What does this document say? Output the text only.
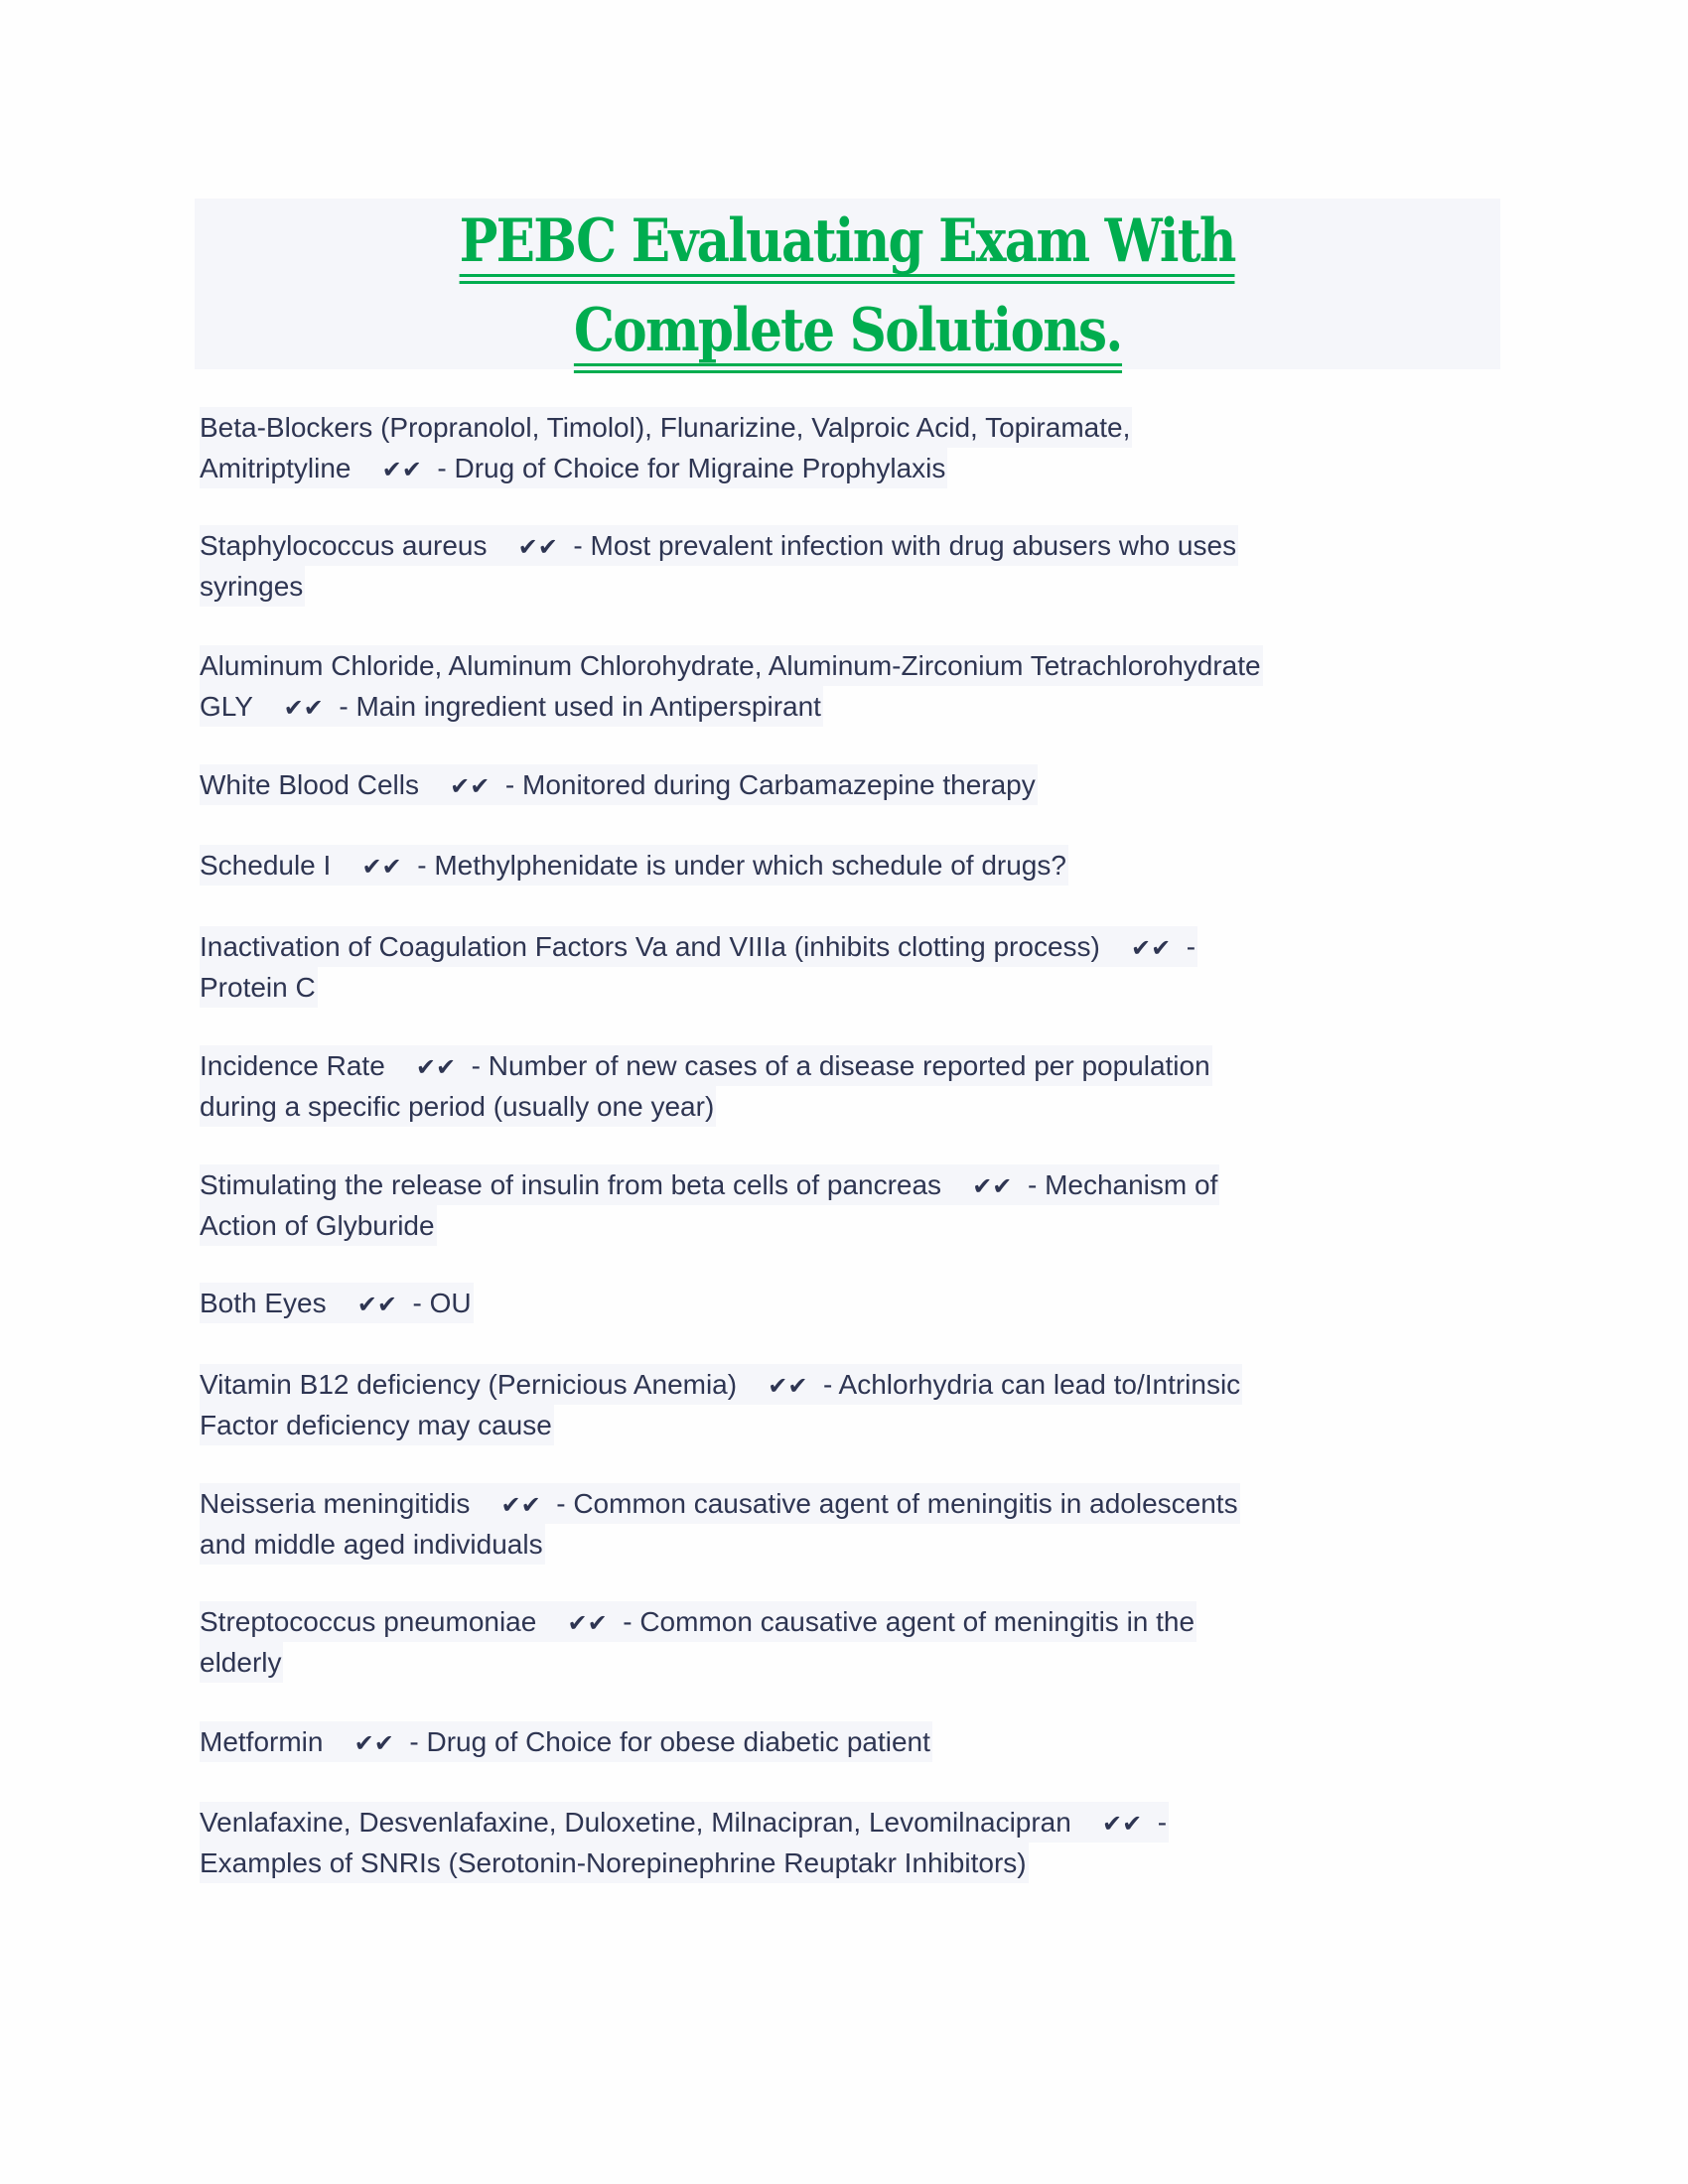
PEBC Evaluating Exam With
Complete Solutions.
Beta-Blockers (Propranolol, Timolol), Flunarizine, Valproic Acid, Topiramate,
Amitriptyline    ✔✔  - Drug of Choice for Migraine Prophylaxis
Staphylococcus aureus    ✔✔  - Most prevalent infection with drug abusers who uses
syringes
Aluminum Chloride, Aluminum Chlorohydrate, Aluminum-Zirconium Tetrachlorohydrate
GLY    ✔✔  - Main ingredient used in Antiperspirant
White Blood Cells    ✔✔  - Monitored during Carbamazepine therapy
Schedule I    ✔✔  - Methylphenidate is under which schedule of drugs?
Inactivation of Coagulation Factors Va and VIIIa (inhibits clotting process)    ✔✔  -
Protein C
Incidence Rate    ✔✔  - Number of new cases of a disease reported per population
during a specific period (usually one year)
Stimulating the release of insulin from beta cells of pancreas    ✔✔  - Mechanism of
Action of Glyburide
Both Eyes    ✔✔  - OU
Vitamin B12 deficiency (Pernicious Anemia)    ✔✔  - Achlorhydria can lead to/Intrinsic
Factor deficiency may cause
Neisseria meningitidis    ✔✔  - Common causative agent of meningitis in adolescents
and middle aged individuals
Streptococcus pneumoniae    ✔✔  - Common causative agent of meningitis in the
elderly
Metformin    ✔✔  - Drug of Choice for obese diabetic patient
Venlafaxine, Desvenlafaxine, Duloxetine, Milnacipran, Levomilnacipran    ✔✔  -
Examples of SNRIs (Serotonin-Norepinephrine Reuptakr Inhibitors)
